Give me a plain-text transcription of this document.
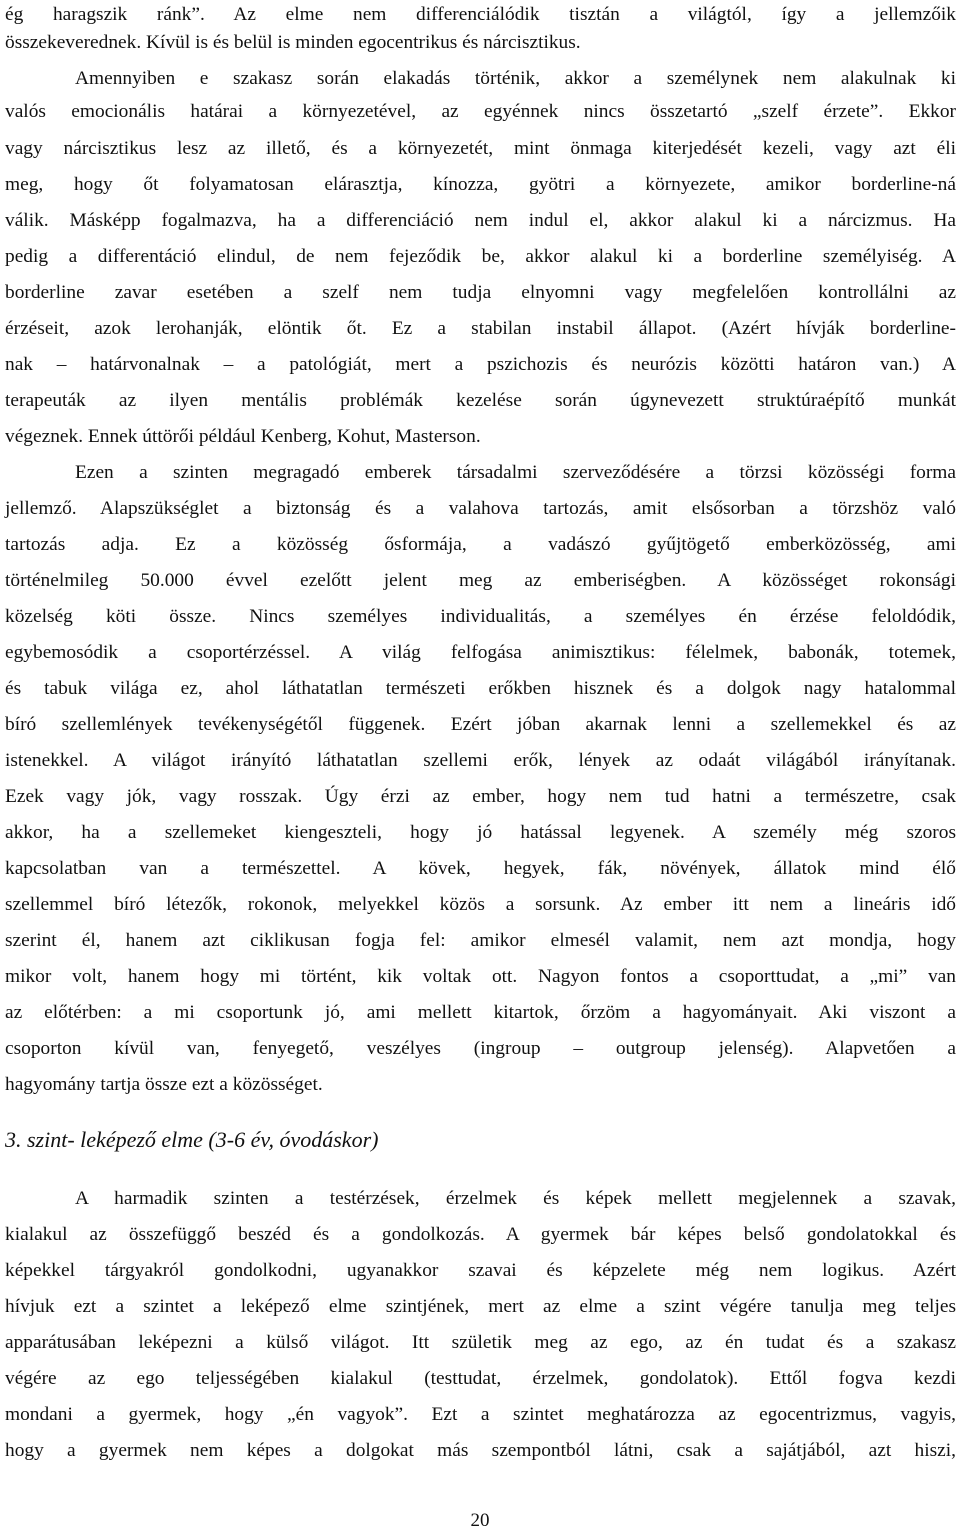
ég haragszik ránk”. Az elme nem differenciálódik tisztán a világtól, így a jellemzőik
összekeverednek. Kívül is és belül is minden egocentrikus és nárcisztikus.
Amennyiben e szakasz során elakadás történik, akkor a személynek nem alakulnak ki
valós emocionális határai a környezetével, az egyénnek nincs összetartó „szelf érzete”. Ekkor
vagy nárcisztikus lesz az illető, és a környezetét, mint önmaga kiterjedését kezeli, vagy azt éli
meg, hogy őt folyamatosan elárasztja, kínozza, gyötri a környezete, amikor borderline-ná
válik. Másképp fogalmazva, ha a differenciáció nem indul el, akkor alakul ki a nárcizmus. Ha
pedig a differentáció elindul, de nem fejeződik be, akkor alakul ki a borderline személyiség. A
borderline zavar esetében a szelf nem tudja elnyomni vagy megfelelően kontrollálni az
érzéseit, azok lerohanják, elöntik őt. Ez a stabilan instabil állapot. (Azért hívják borderline-
nak – határvonalnak – a patológiát, mert a pszichozis és neurózis közötti határon van.) A
terapeuták az ilyen mentális problémák kezelése során úgynevezett struktúraépítő munkát
végeznek. Ennek úttörői például Kenberg, Kohut, Masterson.
Ezen a szinten megragadó emberek társadalmi szerveződésére a törzsi közösségi forma
jellemző. Alapszükséglet a biztonság és a valahova tartozás, amit elsősorban a törzshöz való
tartozás adja. Ez a közösség ősformája, a vadászó gyűjtögető emberközösség, ami
történelmileg 50.000 évvel ezelőtt jelent meg az emberiségben. A közösséget rokonsági
közelség köti össze. Nincs személyes individualitás, a személyes én érzése feloldódik,
egybemosódik a csoportérzéssel. A világ felfogása animisztikus: félelmek, babonák, totemek,
és tabuk világa ez, ahol láthatatlan természeti erőkben hisznek és a dolgok nagy hatalommal
bíró szellemlények tevékenységétől függenek. Ezért jóban akarnak lenni a szellemekkel és az
istenekkel. A világot irányító láthatatlan szellemi erők, lények az odaát világából irányítanak.
Ezek vagy jók, vagy rosszak. Úgy érzi az ember, hogy nem tud hatni a természetre, csak
akkor, ha a szellemeket kiengeszteli, hogy jó hatással legyenek. A személy még szoros
kapcsolatban van a természettel. A kövek, hegyek, fák, növények, állatok mind élő
szellemmel bíró létezők, rokonok, melyekkel közös a sorsunk. Az ember itt nem a lineáris idő
szerint él, hanem azt ciklikusan fogja fel: amikor elmesél valamit, nem azt mondja, hogy
mikor volt, hanem hogy mi történt, kik voltak ott. Nagyon fontos a csoporttudat, a „mi” van
az előtérben: a mi csoportunk jó, ami mellett kitartok, őrzöm a hagyományait. Aki viszont a
csoporton kívül van, fenyegető, veszélyes (ingroup – outgroup jelenség). Alapvetően a
hagyomány tartja össze ezt a közösséget.
3. szint- leképező elme (3-6 év, óvodáskor)
A harmadik szinten a testérzések, érzelmek és képek mellett megjelennek a szavak,
kialakul az összefüggő beszéd és a gondolkozás. A gyermek bár képes belső gondolatokkal és
képekkel tárgyakról gondolkodni, ugyanakkor szavai és képzelete még nem logikus. Azért
hívjuk ezt a szintet a leképező elme szintjének, mert az elme a szint végére tanulja meg teljes
apparátusában leképezni a külső világot. Itt születik meg az ego, az én tudat és a szakasz
végére az ego teljességében kialakul (testtudat, érzelmek, gondolatok). Ettől fogva kezdi
mondani a gyermek, hogy „én vagyok”. Ezt a szintet meghatározza az egocentrizmus, vagyis,
hogy a gyermek nem képes a dolgokat más szempontból látni, csak a sajátjából, azt hiszi,
20
